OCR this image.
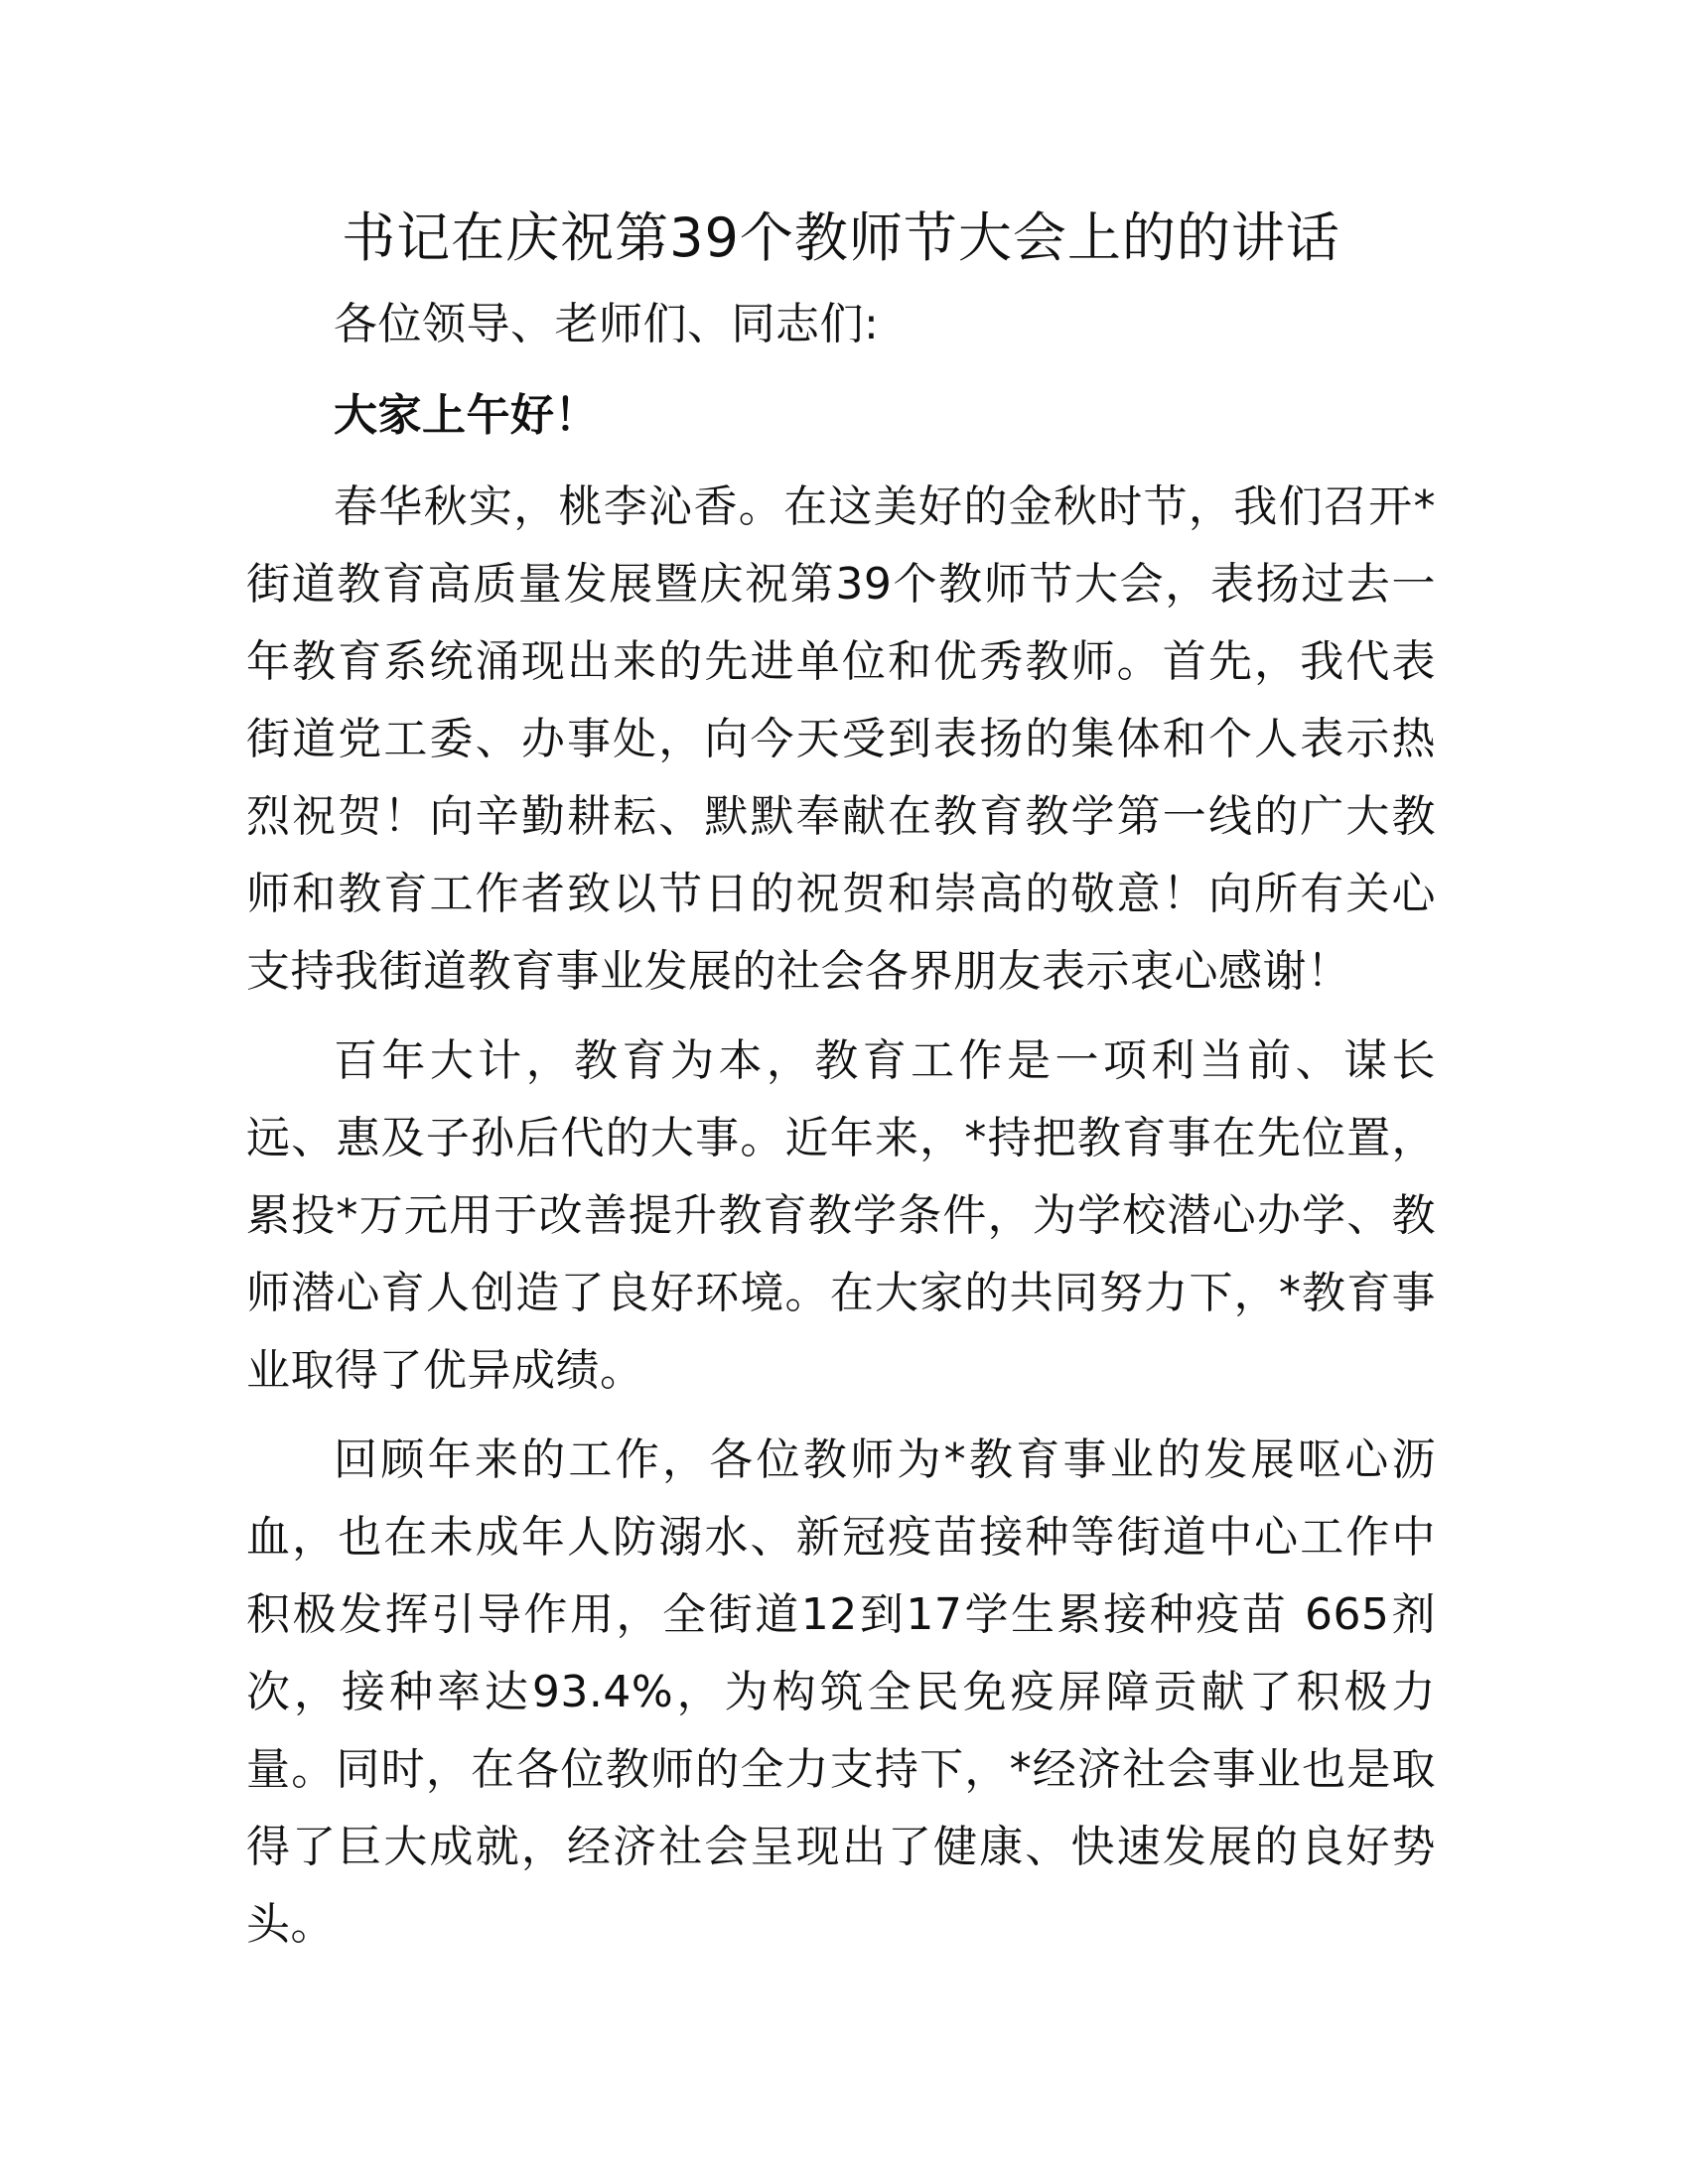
书记在庆祝第39个教师节大会上的的讲话

各位领导、老师们、同志们:

大家上午好！

春华秋实，桃李沁香。在这美好的金秋时节，我们召开*街道教育高质量发展暨庆祝第39个教师节大会，表扬过去一年教育系统涌现出来的先进单位和优秀教师。首先，我代表街道党工委、办事处，向今天受到表扬的集体和个人表示热烈祝贺！向辛勤耕耘、默默奉献在教育教学第一线的广大教师和教育工作者致以节日的祝贺和崇高的敬意！向所有关心支持我街道教育事业发展的社会各界朋友表示衷心感谢！

百年大计，教育为本，教育工作是一项利当前、谋长远、惠及子孙后代的大事。近年来，*持把教育事在先位置，累投*万元用于改善提升教育教学条件，为学校潜心办学、教师潜心育人创造了良好环境。在大家的共同努力下，*教育事业取得了优异成绩。

回顾年来的工作，各位教师为*教育事业的发展呕心沥血，也在未成年人防溺水、新冠疫苗接种等街道中心工作中积极发挥引导作用，全街道12到17学生累接种疫苗 665剂次，接种率达93.4%，为构筑全民免疫屏障贡献了积极力量。同时，在各位教师的全力支持下，*经济社会事业也是取得了巨大成就，经济社会呈现出了健康、快速发展的良好势头。
